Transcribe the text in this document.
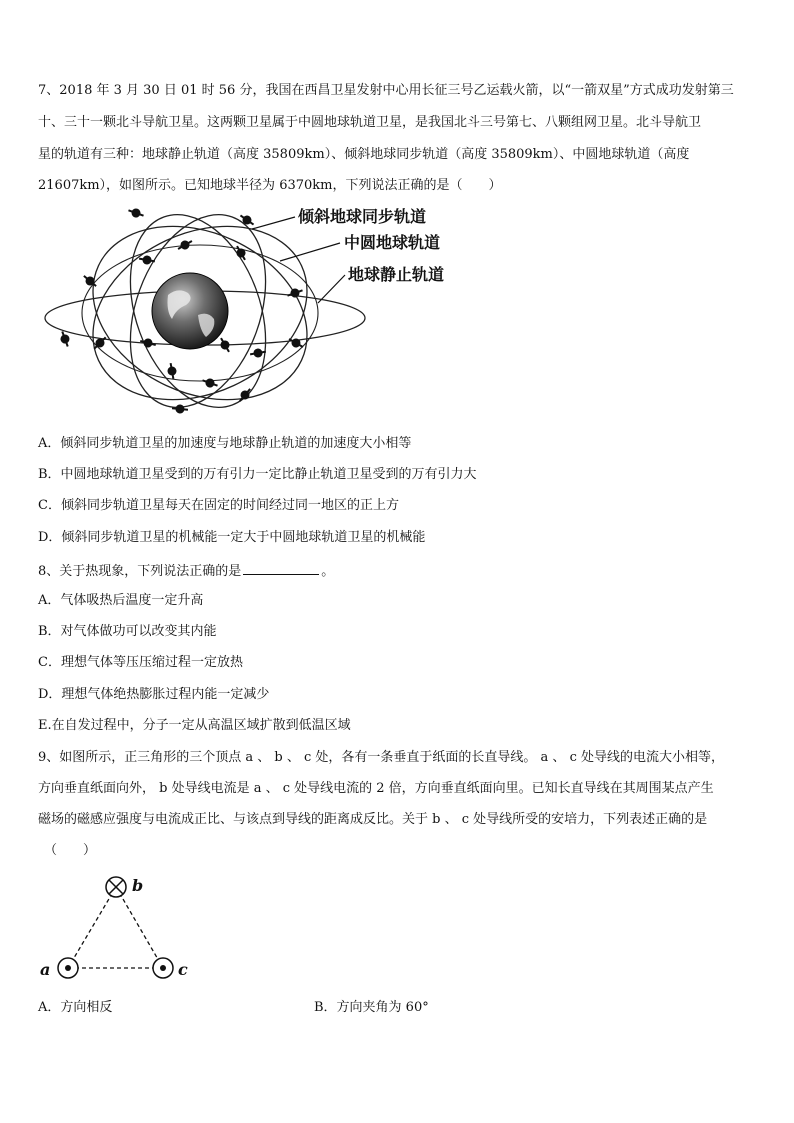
7、2018 年 3 月 30 日 01 时 56 分，我国在西昌卫星发射中心用长征三号乙运载火箭，以“一箭双星”方式成功发射第三
十、三十一颗北斗导航卫星。这两颗卫星属于中圆地球轨道卫星，是我国北斗三号第七、八颗组网卫星。北斗导航卫
星的轨道有三种：地球静止轨道（高度 35809km）、倾斜地球同步轨道（高度 35809km）、中圆地球轨道（高度
21607km），如图所示。已知地球半径为 6370km，下列说法正确的是（　　）
倾斜地球同步轨道
中圆地球轨道
地球静止轨道
A．倾斜同步轨道卫星的加速度与地球静止轨道的加速度大小相等
B．中圆地球轨道卫星受到的万有引力一定比静止轨道卫星受到的万有引力大
C．倾斜同步轨道卫星每天在固定的时间经过同一地区的正上方
D．倾斜同步轨道卫星的机械能一定大于中圆地球轨道卫星的机械能
8、关于热现象，下列说法正确的是	。
A．气体吸热后温度一定升高
B．对气体做功可以改变其内能
C．理想气体等压压缩过程一定放热
D．理想气体绝热膨胀过程内能一定减少
E.在自发过程中，分子一定从高温区域扩散到低温区域
9、如图所示，正三角形的三个顶点 a 、 b 、 c 处，各有一条垂直于纸面的长直导线。 a 、 c 处导线的电流大小相等，
方向垂直纸面向外， b 处导线电流是 a 、 c 处导线电流的 2 倍，方向垂直纸面向里。已知长直导线在其周围某点产生
磁场的磁感应强度与电流成正比、与该点到导线的距离成反比。关于 b 、 c 处导线所受的安培力，下列表述正确的是
（　　）
b
a	c
A．方向相反	B．方向夹角为 60°
